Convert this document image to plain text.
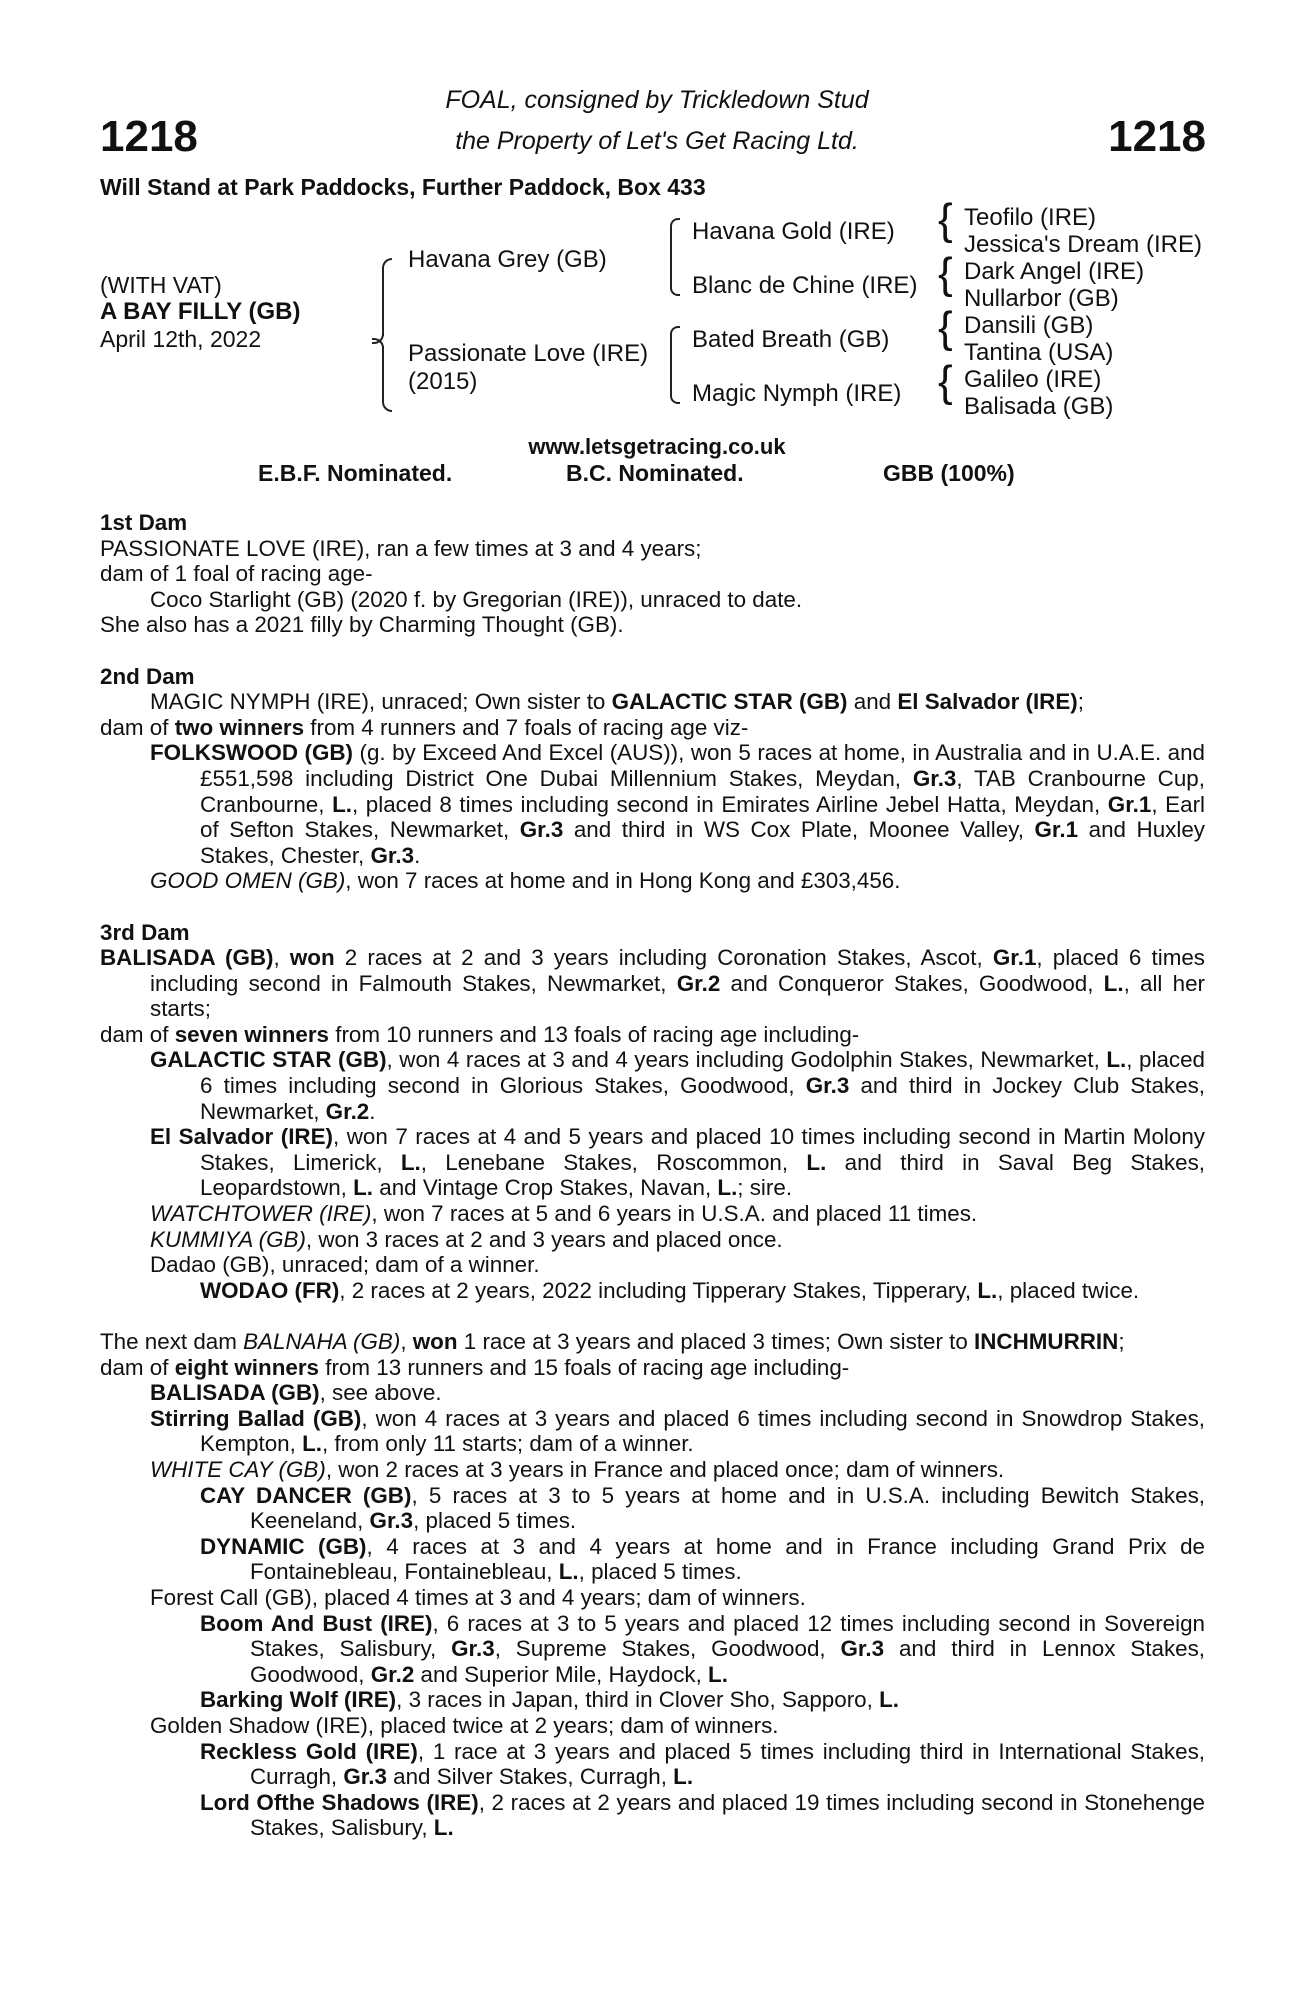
1218	1218
FOAL, consigned by Trickledown Stud
the Property of Let's Get Racing Ltd.
Will Stand at Park Paddocks, Further Paddock, Box 433
(WITH VAT)
A BAY FILLY (GB)
April 12th, 2022
Havana Grey (GB)
Passionate Love (IRE)
(2015)
Havana Gold (IRE)
Blanc de Chine (IRE)
Bated Breath (GB)
Magic Nymph (IRE)
{
{
{
{
Teofilo (IRE)
Jessica's Dream (IRE)
Dark Angel (IRE)
Nullarbor (GB)
Dansili (GB)
Tantina (USA)
Galileo (IRE)
Balisada (GB)
www.letsgetracing.co.uk
E.B.F. Nominated.	B.C. Nominated.	GBB (100%)

1st Dam

PASSIONATE LOVE (IRE), ran a few times at 3 and 4 years;

dam of 1 foal of racing age-

Coco Starlight (GB) (2020 f. by Gregorian (IRE)), unraced to date.

She also has a 2021 filly by Charming Thought (GB).

2nd Dam

MAGIC NYMPH (IRE), unraced; Own sister to GALACTIC STAR (GB) and El Salvador (IRE);

dam of two winners from 4 runners and 7 foals of racing age viz-

FOLKSWOOD (GB) (g. by Exceed And Excel (AUS)), won 5 races at home, in Australia and in U.A.E. and £551,598 including District One Dubai Millennium Stakes, Meydan, Gr.3, TAB Cranbourne Cup, Cranbourne, L., placed 8 times including second in Emirates Airline Jebel Hatta, Meydan, Gr.1, Earl of Sefton Stakes, Newmarket, Gr.3 and third in WS Cox Plate, Moonee Valley, Gr.1 and Huxley Stakes, Chester, Gr.3.

GOOD OMEN (GB), won 7 races at home and in Hong Kong and £303,456.

3rd Dam

BALISADA (GB), won 2 races at 2 and 3 years including Coronation Stakes, Ascot, Gr.1, placed 6 times including second in Falmouth Stakes, Newmarket, Gr.2 and Conqueror Stakes, Goodwood, L., all her starts;

dam of seven winners from 10 runners and 13 foals of racing age including-

GALACTIC STAR (GB), won 4 races at 3 and 4 years including Godolphin Stakes, Newmarket, L., placed 6 times including second in Glorious Stakes, Goodwood, Gr.3 and third in Jockey Club Stakes, Newmarket, Gr.2.

El Salvador (IRE), won 7 races at 4 and 5 years and placed 10 times including second in Martin Molony Stakes, Limerick, L., Lenebane Stakes, Roscommon, L. and third in Saval Beg Stakes, Leopardstown, L. and Vintage Crop Stakes, Navan, L.; sire.

WATCHTOWER (IRE), won 7 races at 5 and 6 years in U.S.A. and placed 11 times.

KUMMIYA (GB), won 3 races at 2 and 3 years and placed once.

Dadao (GB), unraced; dam of a winner.

WODAO (FR), 2 races at 2 years, 2022 including Tipperary Stakes, Tipperary, L., placed twice.

The next dam BALNAHA (GB), won 1 race at 3 years and placed 3 times; Own sister to INCHMURRIN;

dam of eight winners from 13 runners and 15 foals of racing age including-

BALISADA (GB), see above.

Stirring Ballad (GB), won 4 races at 3 years and placed 6 times including second in Snowdrop Stakes, Kempton, L., from only 11 starts; dam of a winner.

WHITE CAY (GB), won 2 races at 3 years in France and placed once; dam of winners.

CAY DANCER (GB), 5 races at 3 to 5 years at home and in U.S.A. including Bewitch Stakes, Keeneland, Gr.3, placed 5 times.

DYNAMIC (GB), 4 races at 3 and 4 years at home and in France including Grand Prix de Fontainebleau, Fontainebleau, L., placed 5 times.

Forest Call (GB), placed 4 times at 3 and 4 years; dam of winners.

Boom And Bust (IRE), 6 races at 3 to 5 years and placed 12 times including second in Sovereign Stakes, Salisbury, Gr.3, Supreme Stakes, Goodwood, Gr.3 and third in Lennox Stakes, Goodwood, Gr.2 and Superior Mile, Haydock, L.

Barking Wolf (IRE), 3 races in Japan, third in Clover Sho, Sapporo, L.

Golden Shadow (IRE), placed twice at 2 years; dam of winners.

Reckless Gold (IRE), 1 race at 3 years and placed 5 times including third in International Stakes, Curragh, Gr.3 and Silver Stakes, Curragh, L.

Lord Ofthe Shadows (IRE), 2 races at 2 years and placed 19 times including second in Stonehenge Stakes, Salisbury, L.
